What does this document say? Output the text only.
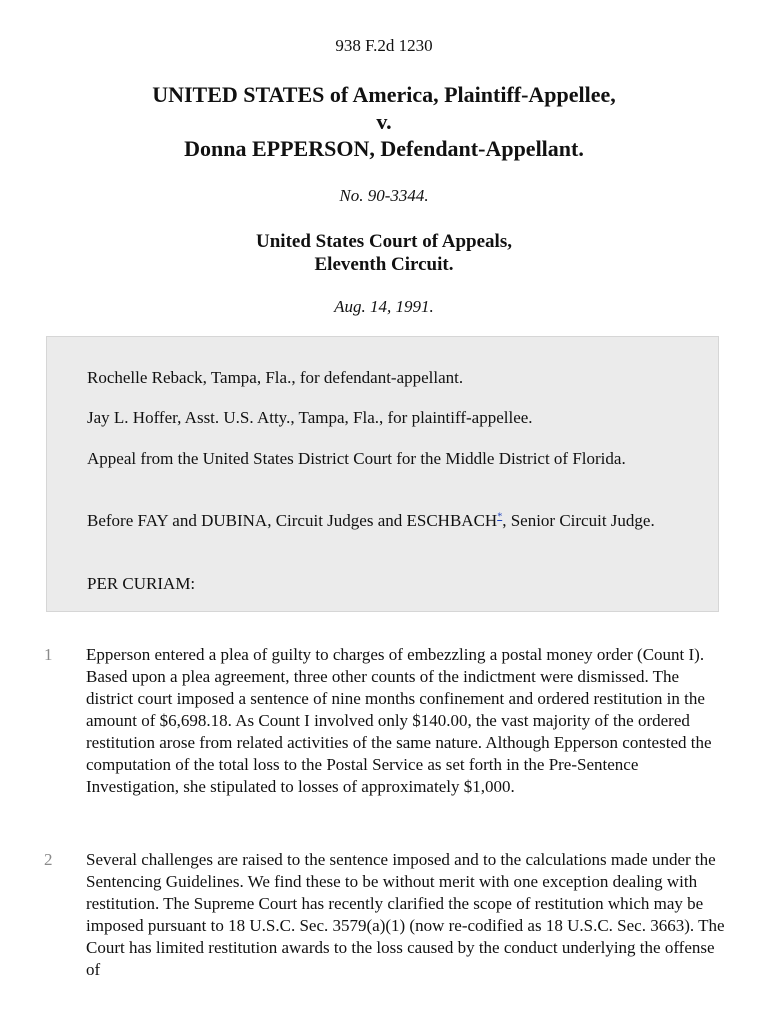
938 F.2d 1230
UNITED STATES of America, Plaintiff-Appellee,
v.
Donna EPPERSON, Defendant-Appellant.
No. 90-3344.
United States Court of Appeals,
Eleventh Circuit.
Aug. 14, 1991.

Rochelle Reback, Tampa, Fla., for defendant-appellant.

Jay L. Hoffer, Asst. U.S. Atty., Tampa, Fla., for plaintiff-appellee.

Appeal from the United States District Court for the Middle District of Florida.

Before FAY and DUBINA, Circuit Judges and ESCHBACH*, Senior Circuit Judge.

PER CURIAM:

1 Epperson entered a plea of guilty to charges of embezzling a postal money order (Count I). Based upon a plea agreement, three other counts of the indictment were dismissed. The district court imposed a sentence of nine months confinement and ordered restitution in the amount of $6,698.18. As Count I involved only $140.00, the vast majority of the ordered restitution arose from related activities of the same nature. Although Epperson contested the computation of the total loss to the Postal Service as set forth in the Pre-Sentence Investigation, she stipulated to losses of approximately $1,000.

2 Several challenges are raised to the sentence imposed and to the calculations made under the Sentencing Guidelines. We find these to be without merit with one exception dealing with restitution. The Supreme Court has recently clarified the scope of restitution which may be imposed pursuant to 18 U.S.C. Sec. 3579(a)(1) (now re-codified as 18 U.S.C. Sec. 3663). The Court has limited restitution awards to the loss caused by the conduct underlying the offense of
